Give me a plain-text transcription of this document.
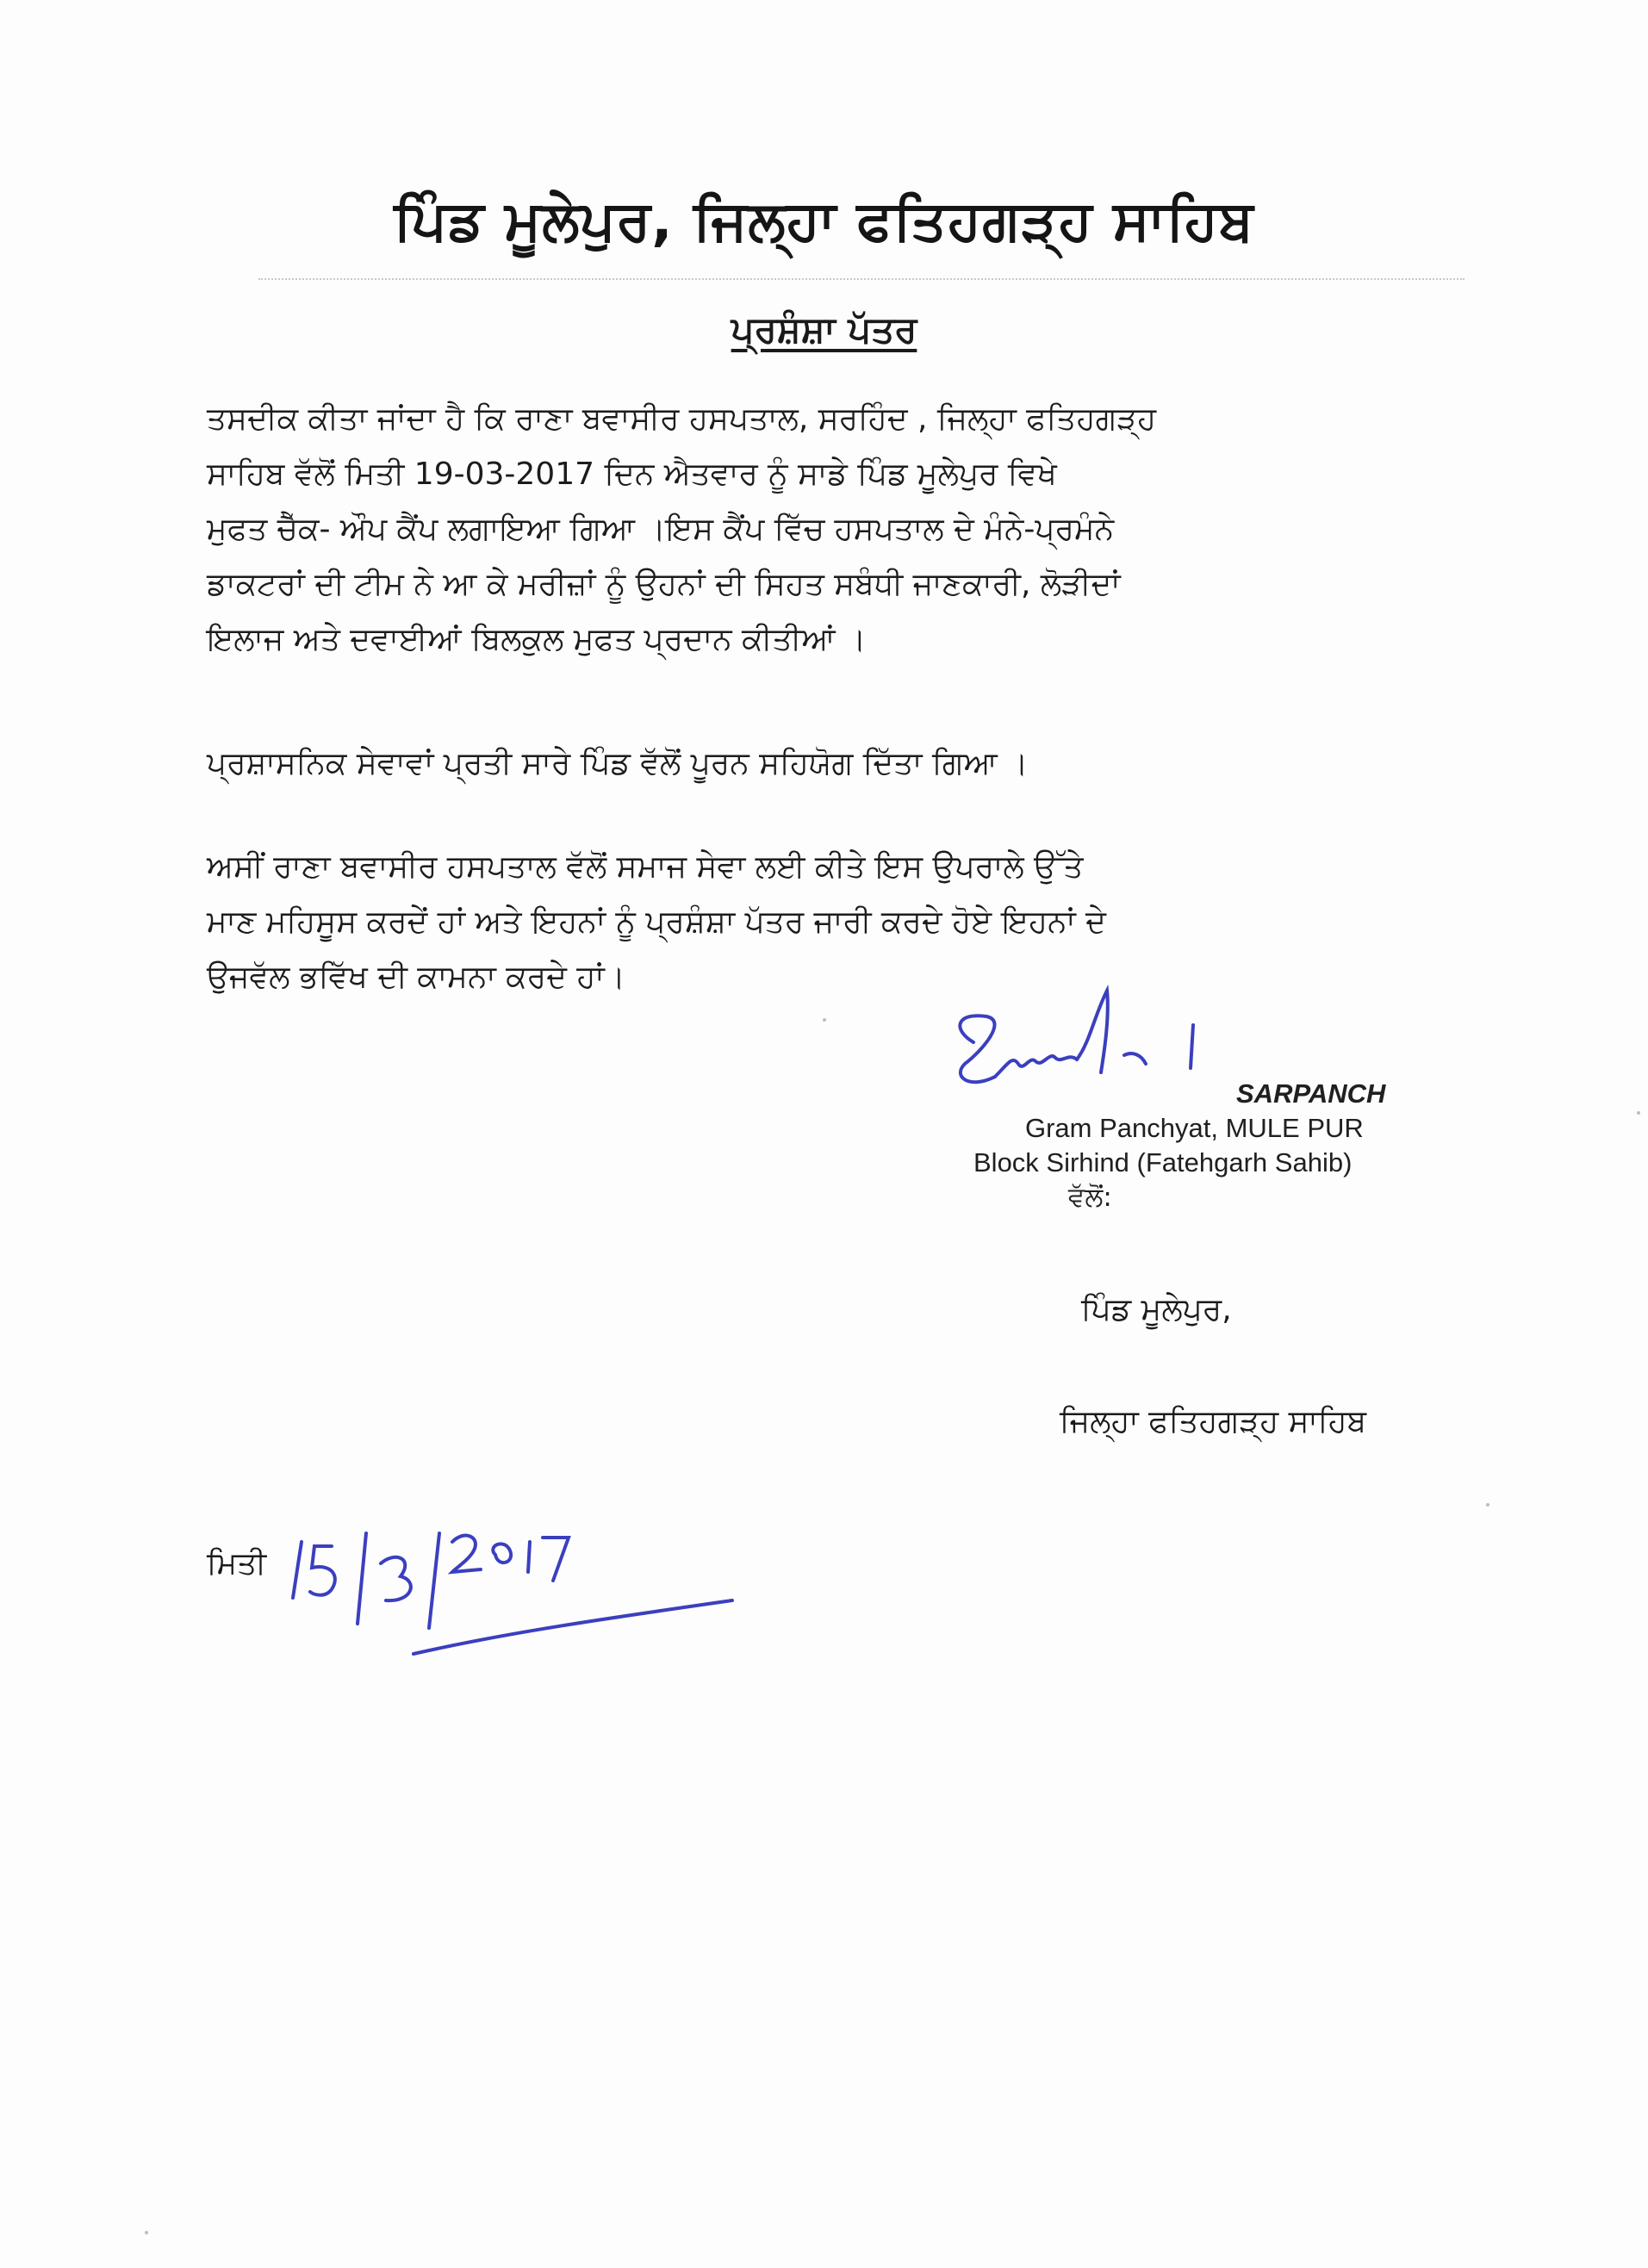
ਪਿੰਡ ਮੂਲੇਪੁਰ, ਜਿਲ੍ਹਾ ਫਤਿਹਗੜ੍ਹ ਸਾਹਿਬ
ਪ੍ਰਸ਼ੰਸ਼ਾ ਪੱਤਰ
ਤਸਦੀਕ ਕੀਤਾ ਜਾਂਦਾ ਹੈ ਕਿ ਰਾਣਾ ਬਵਾਸੀਰ ਹਸਪਤਾਲ, ਸਰਹਿੰਦ , ਜਿਲ੍ਹਾ ਫਤਿਹਗੜ੍ਹ
ਸਾਹਿਬ ਵੱਲੋਂ ਮਿਤੀ 19-03-2017 ਦਿਨ ਐਤਵਾਰ ਨੂੰ ਸਾਡੇ ਪਿੰਡ ਮੂਲੇਪੁਰ ਵਿਖੇ
ਮੁਫਤ ਚੈੱਕ- ਔਪ ਕੈਂਪ ਲਗਾਇਆ ਗਿਆ ।ਇਸ ਕੈਂਪ ਵਿੱਚ ਹਸਪਤਾਲ ਦੇ ਮੰਨੇ-ਪ੍ਰਮੰਨੇ
ਡਾਕਟਰਾਂ ਦੀ ਟੀਮ ਨੇ ਆ ਕੇ ਮਰੀਜ਼ਾਂ ਨੂੰ ਉਹਨਾਂ ਦੀ ਸਿਹਤ ਸਬੰਧੀ ਜਾਣਕਾਰੀ, ਲੋੜੀਦਾਂ
ਇਲਾਜ ਅਤੇ ਦਵਾਈਆਂ ਬਿਲਕੁਲ ਮੁਫਤ ਪ੍ਰਦਾਨ ਕੀਤੀਆਂ ।
ਪ੍ਰਸ਼ਾਸਨਿਕ ਸੇਵਾਵਾਂ ਪ੍ਰਤੀ ਸਾਰੇ ਪਿੰਡ ਵੱਲੋਂ ਪੂਰਨ ਸਹਿਯੋਗ ਦਿੱਤਾ ਗਿਆ ।
ਅਸੀਂ ਰਾਣਾ ਬਵਾਸੀਰ ਹਸਪਤਾਲ ਵੱਲੋਂ ਸਮਾਜ ਸੇਵਾ ਲਈ ਕੀਤੇ ਇਸ ਉਪਰਾਲੇ ਉੱਤੇ
ਮਾਣ ਮਹਿਸੂਸ ਕਰਦੇਂ ਹਾਂ ਅਤੇ ਇਹਨਾਂ ਨੂੰ ਪ੍ਰਸ਼ੰਸ਼ਾ ਪੱਤਰ ਜਾਰੀ ਕਰਦੇ ਹੋਏ ਇਹਨਾਂ ਦੇ
ਉਜਵੱਲ ਭਵਿੱਖ ਦੀ ਕਾਮਨਾ ਕਰਦੇ ਹਾਂ।

SARPANCH
Gram Panchyat, MULE PUR
Block Sirhind (Fatehgarh Sahib)
ਵੱਲੋਂ:
ਪਿੰਡ ਮੂਲੇਪੁਰ,
ਜਿਲ੍ਹਾ ਫਤਿਹਗੜ੍ਹ ਸਾਹਿਬ
ਮਿਤੀ
